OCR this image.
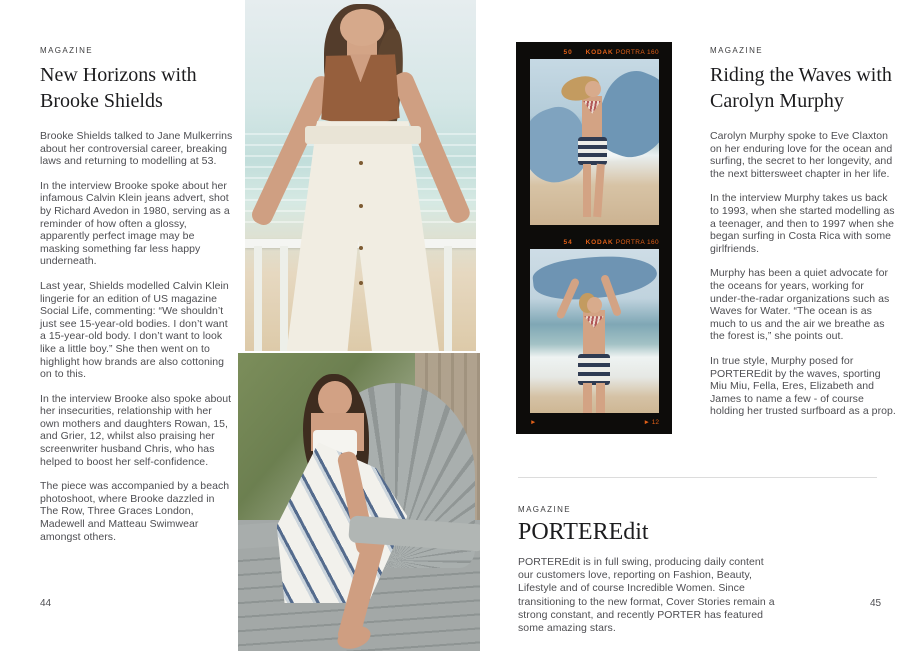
MAGAZINE
New Horizons with Brooke Shields

Brooke Shields talked to Jane Mulkerrins about her controversial career, breaking laws and returning to modelling at 53.

In the interview Brooke spoke about her infamous Calvin Klein jeans advert, shot by Richard Avedon in 1980, serving as a reminder of how often a glossy, apparently perfect image may be masking something far less happy underneath.

Last year, Shields modelled Calvin Klein lingerie for an edition of US magazine Social Life, commenting: “We shouldn’t just see 15-year-old bodies. I don’t want a 15-year-old body. I don’t want to look like a little boy.” She then went on to highlight how brands are also cottoning on to this.

In the interview Brooke also spoke about her insecurities, relationship with her own mothers and daughters Rowan, 15, and Grier, 12, whilst also praising her screenwriter husband Chris, who has helped to boost her self-confidence.

The piece was accompanied by a beach photoshoot, where Brooke dazzled in The Row, Three Graces London, Madewell and Matteau Swimwear amongst others.

44
50 KODAK PORTRA 160
54 KODAK PORTRA 160
►	► 12
MAGAZINE
Riding the Waves with Carolyn Murphy

Carolyn Murphy spoke to Eve Claxton on her enduring love for the ocean and surfing, the secret to her longevity, and the next bittersweet chapter in her life.

In the interview Murphy takes us back to 1993, when she started modelling as a teenager, and then to 1997 when she began surfing in Costa Rica with some girlfriends.

Murphy has been a quiet advocate for the oceans for years, working for under-the-radar organizations such as Waves for Water. “The ocean is as much to us and the air we breathe as the forest is,” she points out.

In true style, Murphy posed for PORTEREdit by the waves, sporting Miu Miu, Fella, Eres, Elizabeth and James to name a few - of course holding her trusted surfboard as a prop.

MAGAZINE
PORTEREdit
PORTEREdit is in full swing, producing daily content our customers love, reporting on Fashion, Beauty, Lifestyle and of course Incredible Women. Since transitioning to the new format, Cover Stories remain a strong constant, and recently PORTER has featured some amazing stars.
45
